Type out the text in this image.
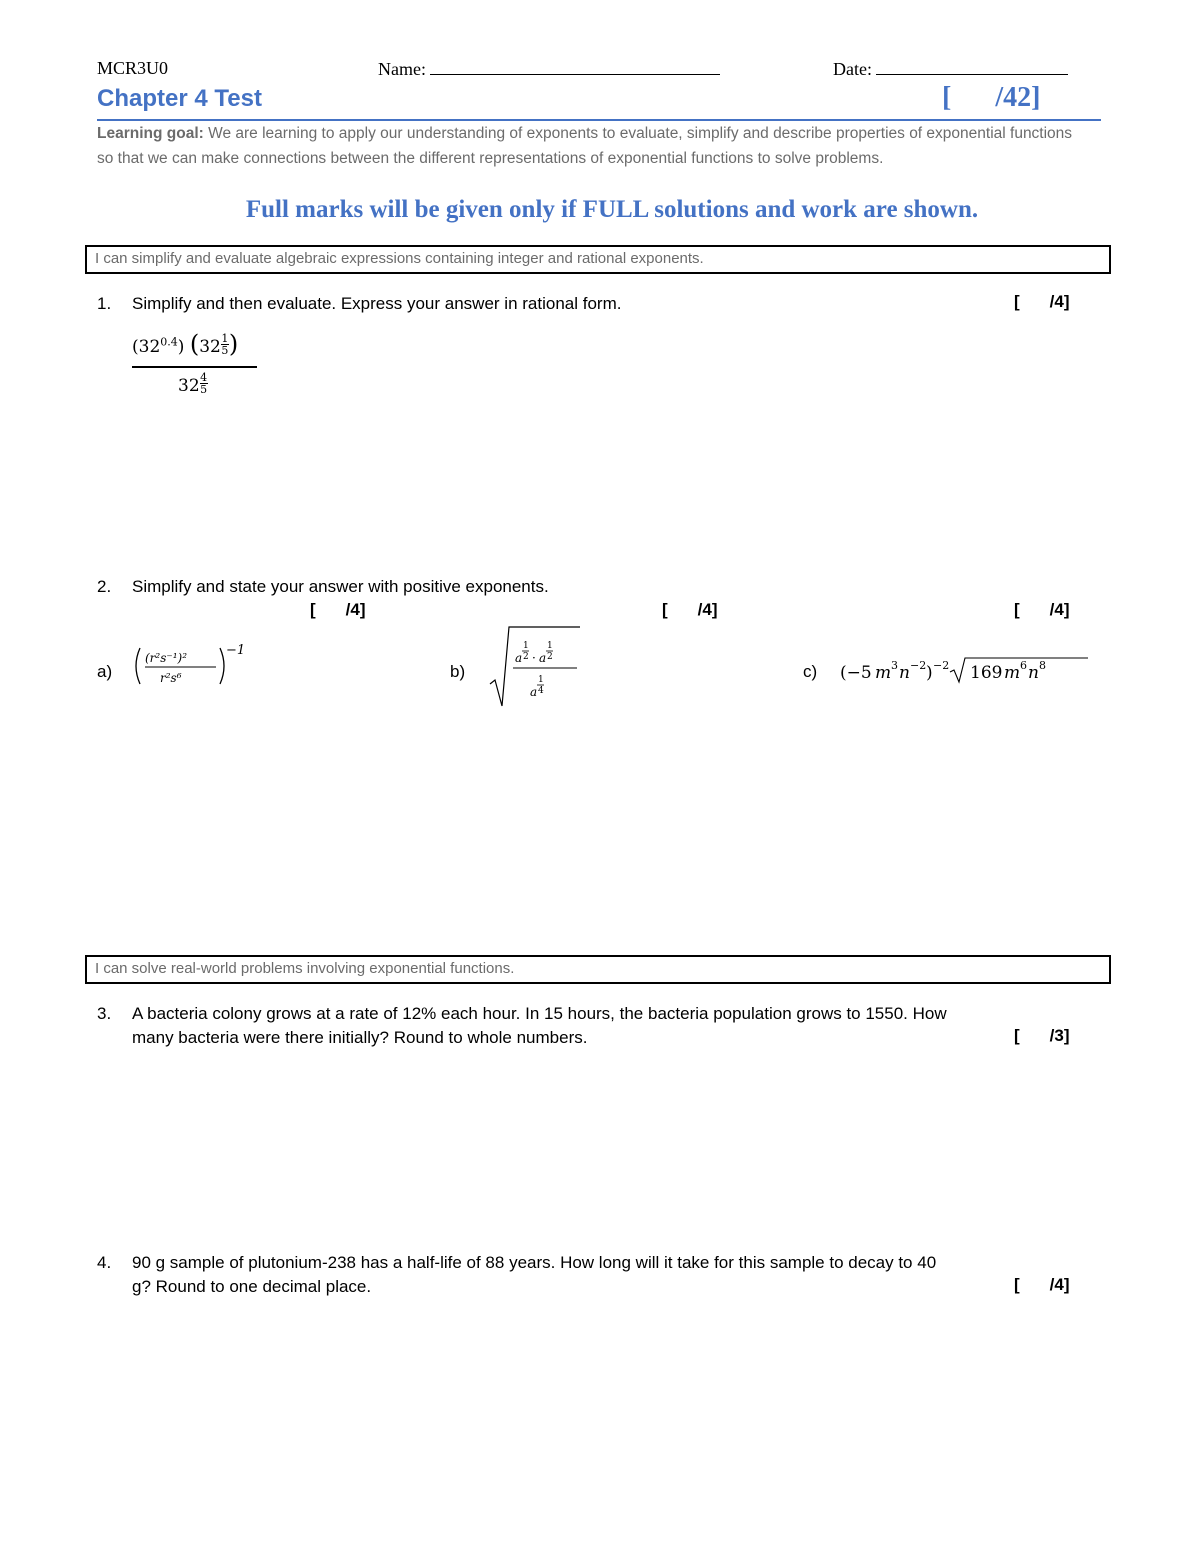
MCR3U0	Name:	Date:
Chapter 4 Test	[ /42]
Learning goal: We are learning to apply our understanding of exponents to evaluate, simplify and describe properties of exponential functions so that we can make connections between the different representations of exponential functions to solve problems.
Full marks will be given only if FULL solutions and work are shown.
I can simplify and evaluate algebraic expressions containing integer and rational exponents.
1. Simplify and then evaluate. Express your answer in rational form.	[ /4]
$(32^{0.4})$ (32 $^{\frac{1}{5}}$ )
32 $^{\frac{4}{5}}$
2. Simplify and state your answer with positive exponents.
[ /4]	[ /4]	[ /4]
a)
(r²s⁻¹)²
r²s⁶
−1
b)
a
1
2 · a
1
2
a
1
4
c) (−5 m 3 n −2 ) −2 169 m 6 n 8
I can solve real-world problems involving exponential functions.
3. A bacteria colony grows at a rate of 12% each hour. In 15 hours, the bacteria population grows to 1550. How
many bacteria were there initially? Round to whole numbers.	[ /3]
4. 90 g sample of plutonium-238 has a half-life of 88 years. How long will it take for this sample to decay to 40
g? Round to one decimal place.	[ /4]
